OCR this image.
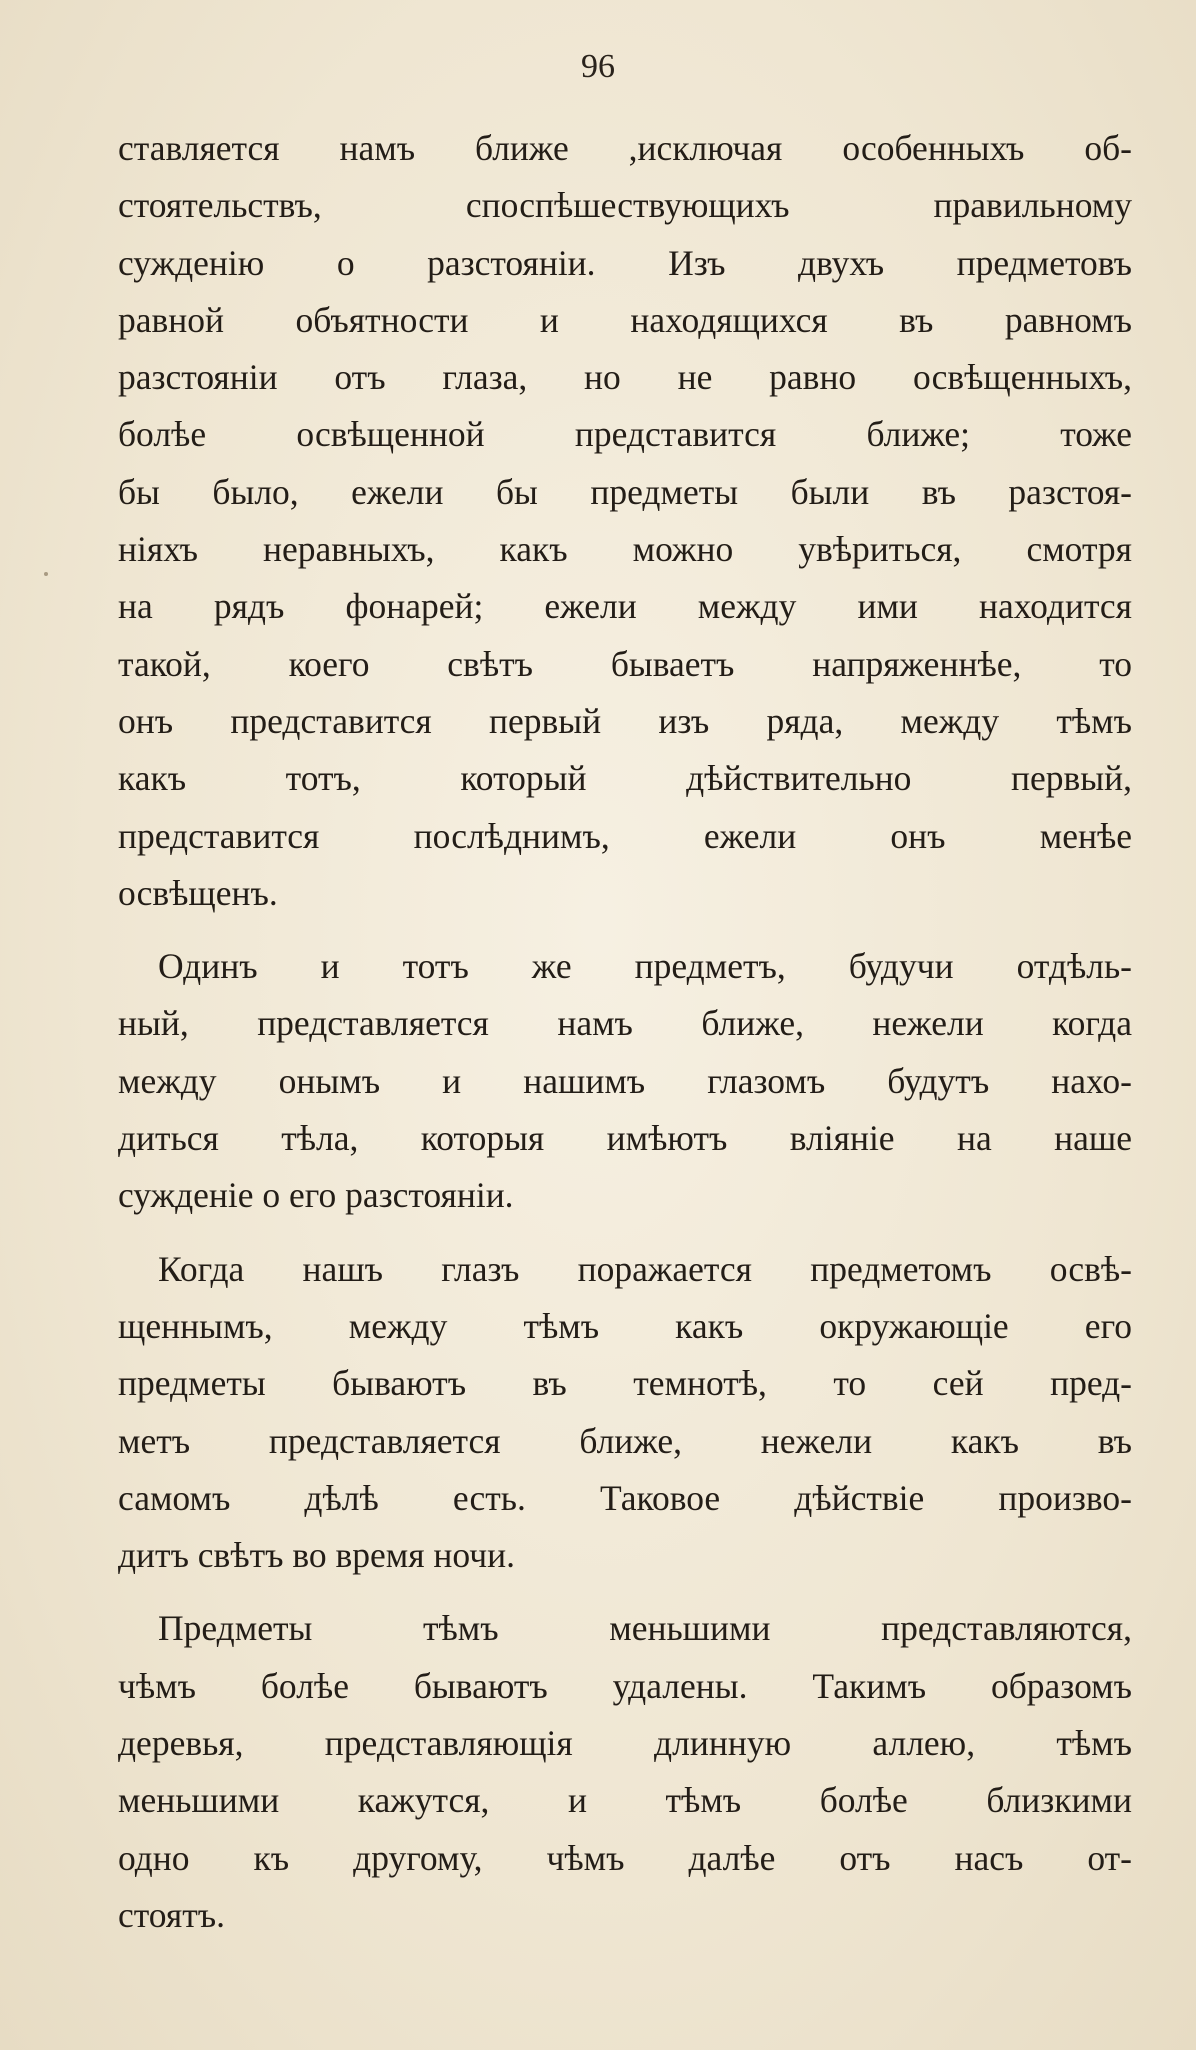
96
ставляется намъ ближе ,исключая особенныхъ об-
стоятельствъ, споспѣшествующихъ правильному
сужденію о разстояніи. Изъ двухъ предметовъ
равной объятности и находящихся въ равномъ
разстояніи отъ глаза, но не равно освѣщенныхъ,
болѣе освѣщенной представится ближе; тоже
бы было, ежели бы предметы были въ разстоя-
ніяхъ неравныхъ, какъ можно увѣриться, смотря
на рядъ фонарей; ежели между ими находится
такой, коего свѣтъ бываетъ напряженнѣе, то
онъ представится первый изъ ряда, между тѣмъ
какъ тотъ, который дѣйствительно первый,
представится послѣднимъ, ежели онъ менѣе
освѣщенъ.
Одинъ и тотъ же предметъ, будучи отдѣль-
ный, представляется намъ ближе, нежели когда
между онымъ и нашимъ глазомъ будутъ нахо-
диться тѣла, которыя имѣютъ вліяніе на наше
сужденіе о его разстояніи.
Когда нашъ глазъ поражается предметомъ освѣ-
щеннымъ, между тѣмъ какъ окружающіе его
предметы бываютъ въ темнотѣ, то сей пред-
метъ представляется ближе, нежели какъ въ
самомъ дѣлѣ есть. Таковое дѣйствіе произво-
дитъ свѣтъ во время ночи.
Предметы тѣмъ меньшими представляются,
чѣмъ болѣе бываютъ удалены. Такимъ образомъ
деревья, представляющія длинную аллею, тѣмъ
меньшими кажутся, и тѣмъ болѣе близкими
одно къ другому, чѣмъ далѣе отъ насъ от-
стоятъ.
